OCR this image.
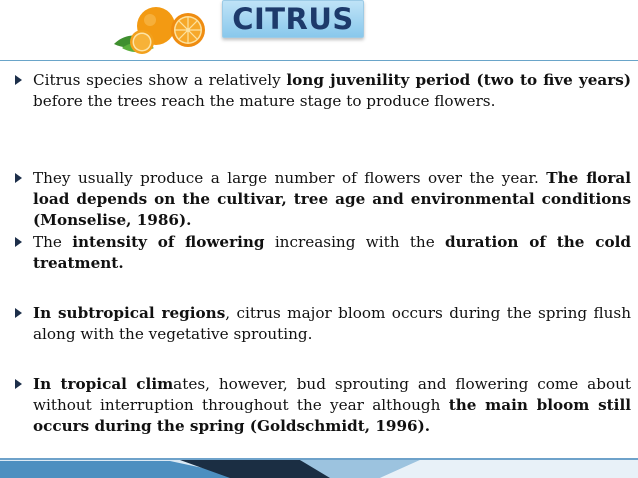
CITRUS
Citrus species show a relatively long juvenility period (two to five years) before the trees reach the mature stage to produce flowers.
They usually produce a large number of flowers over the year. The floral load depends on the cultivar, tree age and environmental conditions (Monselise, 1986).
The intensity of flowering increasing with the duration of the cold treatment.
In subtropical regions, citrus major bloom occurs during the spring flush along with the vegetative sprouting.
In tropical climates, however, bud sprouting and flowering come about without interruption throughout the year although the main bloom still occurs during the spring (Goldschmidt, 1996).
